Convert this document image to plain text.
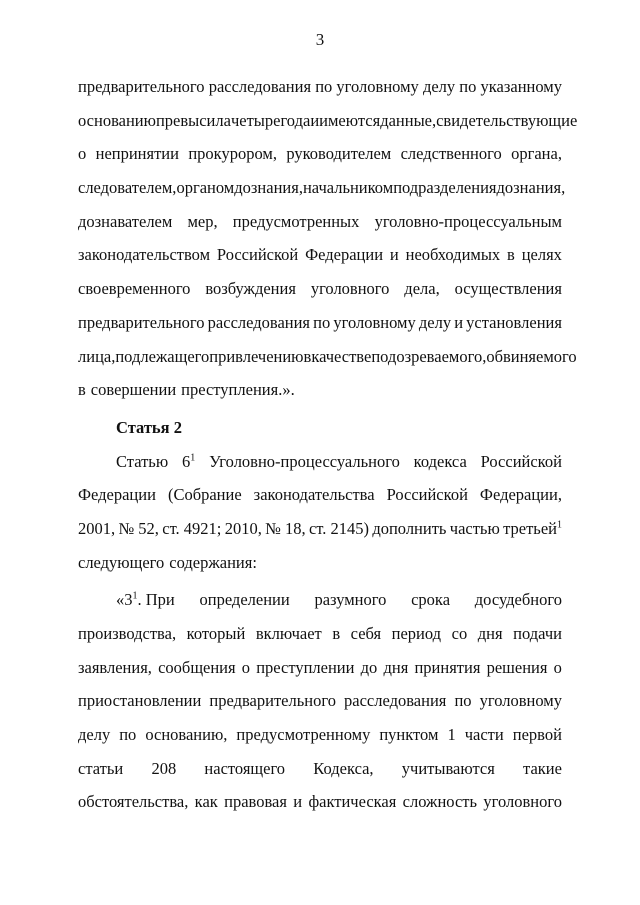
3
предварительного расследования по уголовному делу по указанному
основанию превысила четыре года и имеются данные, свидетельствующие
о непринятии прокурором, руководителем следственного органа,
следователем, органом дознания, начальником подразделения дознания,
дознавателем мер, предусмотренных уголовно-процессуальным
законодательством Российской Федерации и необходимых в целях
своевременного возбуждения уголовного дела, осуществления
предварительного расследования по уголовному делу и установления
лица, подлежащего привлечению в качестве подозреваемого, обвиняемого
в совершении преступления.».
Статья 2
Статью $6^1$ Уголовно-процессуального кодекса Российской
Федерации (Собрание законодательства Российской Федерации,
2001, № 52, ст. 4921; 2010, № 18, ст. 2145) дополнить частью третьей$^1$
следующего содержания:
«$3^1$. При определении разумного срока досудебного
производства, который включает в себя период со дня подачи
заявления, сообщения о преступлении до дня принятия решения о
приостановлении предварительного расследования по уголовному
делу по основанию, предусмотренному пунктом 1 части первой
статьи 208 настоящего Кодекса, учитываются такие
обстоятельства, как правовая и фактическая сложность уголовного
